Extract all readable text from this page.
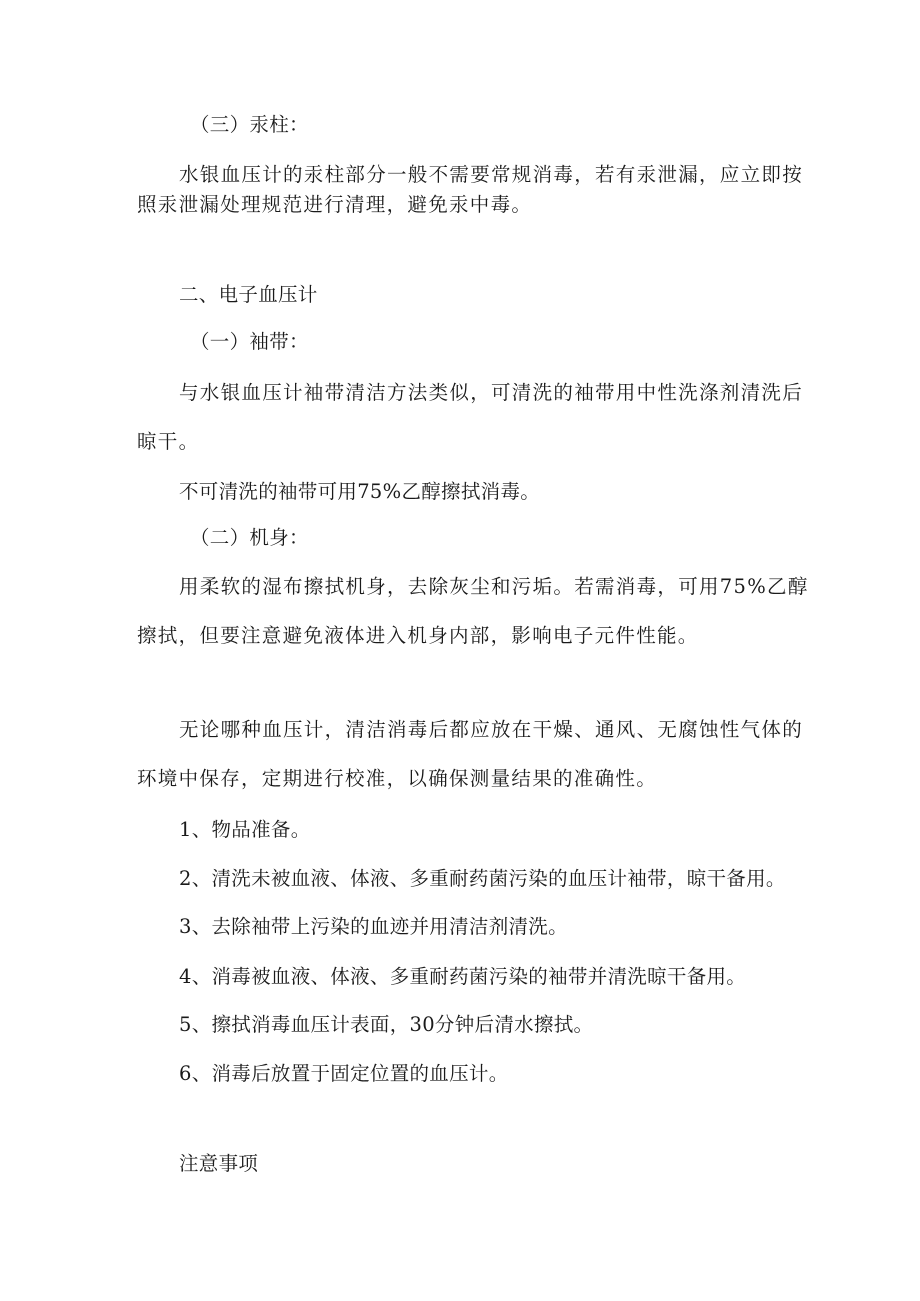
（三）汞柱：
水银血压计的汞柱部分一般不需要常规消毒，若有汞泄漏，应立即按
照汞泄漏处理规范进行清理，避免汞中毒。
二、电子血压计
（一）袖带：
与水银血压计袖带清洁方法类似，可清洗的袖带用中性洗涤剂清洗后
晾干。
不可清洗的袖带可用75%乙醇擦拭消毒。
（二）机身：
用柔软的湿布擦拭机身，去除灰尘和污垢。若需消毒，可用75%乙醇
擦拭，但要注意避免液体进入机身内部，影响电子元件性能。
无论哪种血压计，清洁消毒后都应放在干燥、通风、无腐蚀性气体的
环境中保存，定期进行校准，以确保测量结果的准确性。
1、物品准备。
2、清洗未被血液、体液、多重耐药菌污染的血压计袖带，晾干备用。
3、去除袖带上污染的血迹并用清洁剂清洗。
4、消毒被血液、体液、多重耐药菌污染的袖带并清洗晾干备用。
5、擦拭消毒血压计表面，30分钟后清水擦拭。
6、消毒后放置于固定位置的血压计。
注意事项
